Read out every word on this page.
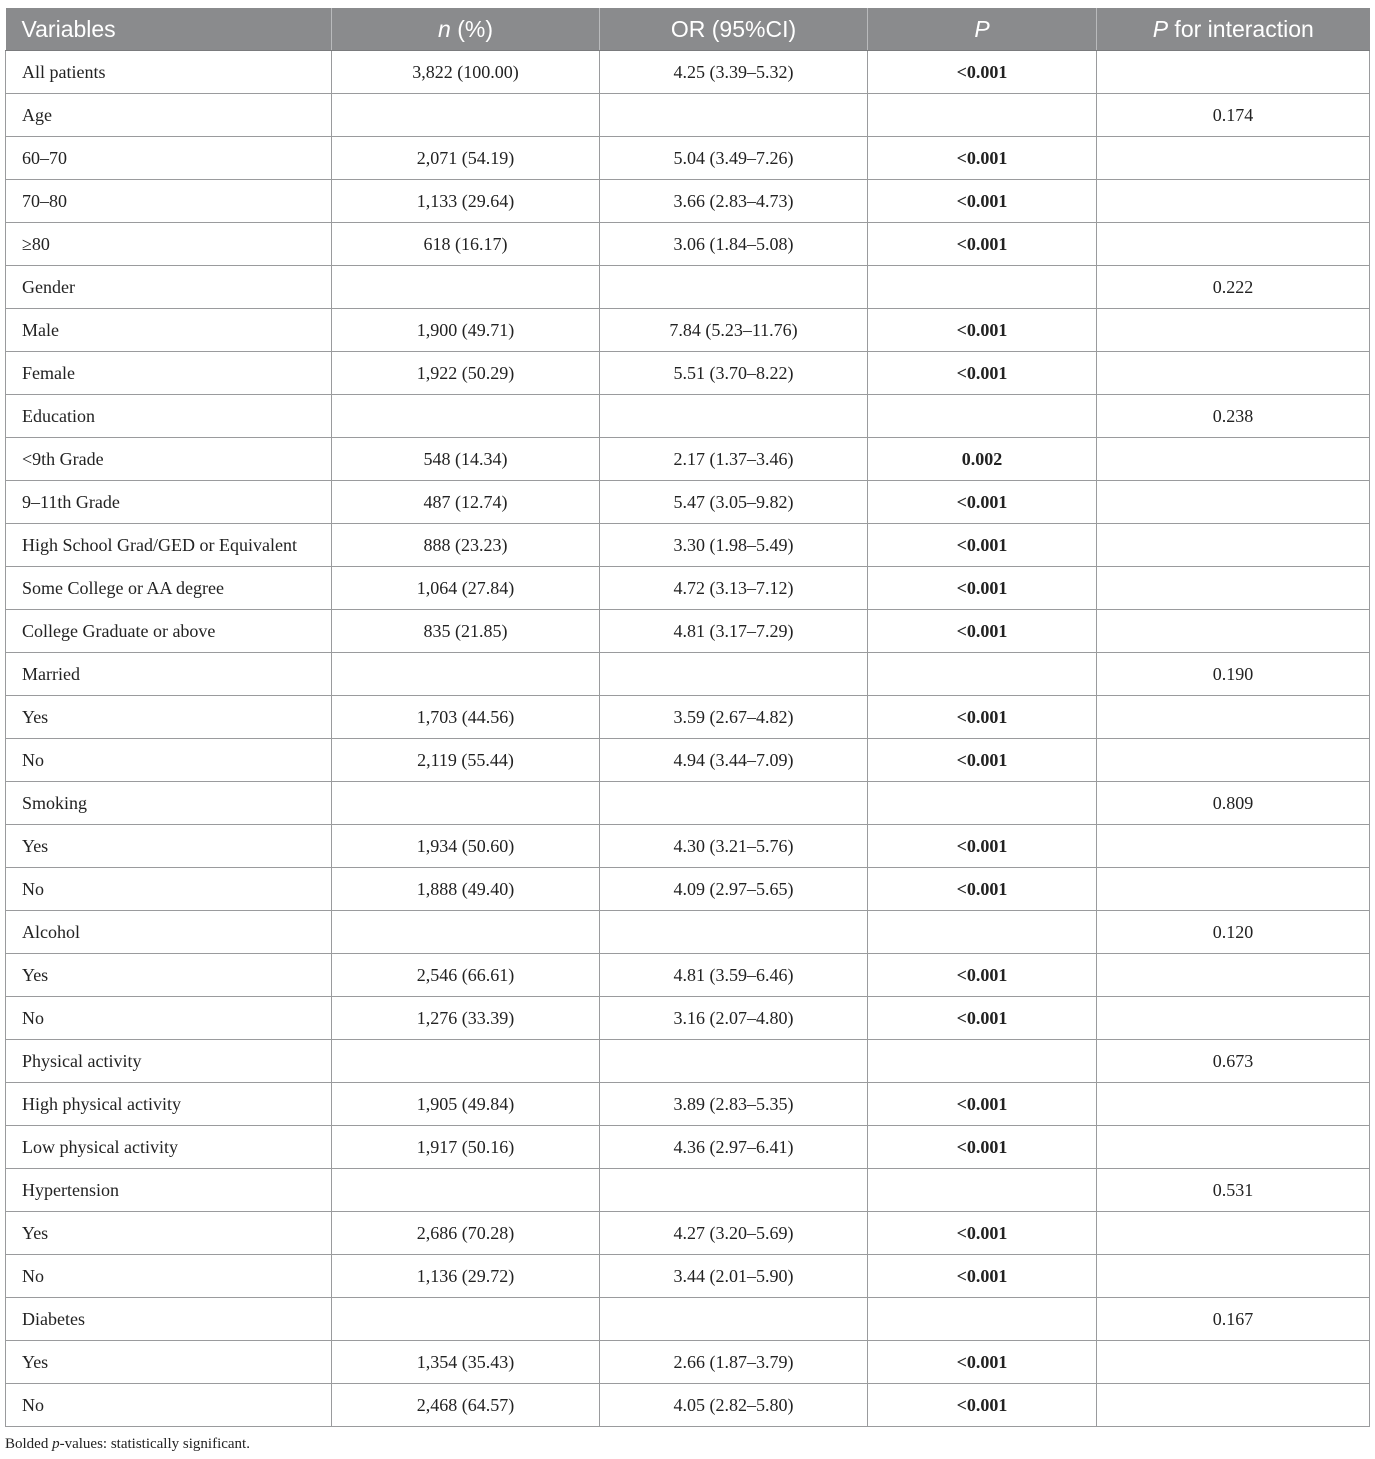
Variables	n (%)	OR (95%CI)	P	P for interaction
All patients	3,822 (100.00)	4.25 (3.39–5.32)	<0.001	
Age				0.174
60–70	2,071 (54.19)	5.04 (3.49–7.26)	<0.001	
70–80	1,133 (29.64)	3.66 (2.83–4.73)	<0.001	
≥80	618 (16.17)	3.06 (1.84–5.08)	<0.001	
Gender				0.222
Male	1,900 (49.71)	7.84 (5.23–11.76)	<0.001	
Female	1,922 (50.29)	5.51 (3.70–8.22)	<0.001	
Education				0.238
<9th Grade	548 (14.34)	2.17 (1.37–3.46)	0.002	
9–11th Grade	487 (12.74)	5.47 (3.05–9.82)	<0.001	
High School Grad/GED or Equivalent	888 (23.23)	3.30 (1.98–5.49)	<0.001	
Some College or AA degree	1,064 (27.84)	4.72 (3.13–7.12)	<0.001	
College Graduate or above	835 (21.85)	4.81 (3.17–7.29)	<0.001	
Married				0.190
Yes	1,703 (44.56)	3.59 (2.67–4.82)	<0.001	
No	2,119 (55.44)	4.94 (3.44–7.09)	<0.001	
Smoking				0.809
Yes	1,934 (50.60)	4.30 (3.21–5.76)	<0.001	
No	1,888 (49.40)	4.09 (2.97–5.65)	<0.001	
Alcohol				0.120
Yes	2,546 (66.61)	4.81 (3.59–6.46)	<0.001	
No	1,276 (33.39)	3.16 (2.07–4.80)	<0.001	
Physical activity				0.673
High physical activity	1,905 (49.84)	3.89 (2.83–5.35)	<0.001	
Low physical activity	1,917 (50.16)	4.36 (2.97–6.41)	<0.001	
Hypertension				0.531
Yes	2,686 (70.28)	4.27 (3.20–5.69)	<0.001	
No	1,136 (29.72)	3.44 (2.01–5.90)	<0.001	
Diabetes				0.167
Yes	1,354 (35.43)	2.66 (1.87–3.79)	<0.001	
No	2,468 (64.57)	4.05 (2.82–5.80)	<0.001	
Bolded p-values: statistically significant.
